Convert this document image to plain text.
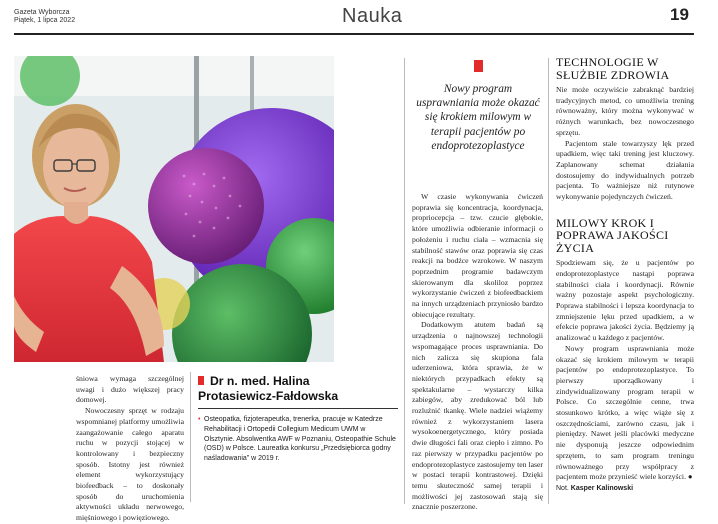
Gazeta Wyborcza
Piątek, 1 lipca 2022	Nauka	19

śniowa wymaga szczególnej uwagi i dużo większej pracy domowej.

Nowoczesny sprzęt w rodzaju wspomnianej platformy umożliwia zaangażowanie całego aparatu ruchu w pozycji stojącej w kontrolowany i bezpieczny sposób. Istotny jest również element wykorzystujący biofeedback – to doskonały sposób do uruchomienia aktywności układu nerwowego, mięśniowego i powięziowego.

Dr n. med. Halina
Protasiewicz-Fałdowska
• Osteopatka, fizjoterapeutka, trenerka, pracuje w Katedrze Rehabilitacji i Ortopedii Collegium Medicum UWM w Olsztynie. Absolwentka AWF w Poznaniu, Osteopathie Schule (OSD) w Polsce. Laureatka konkursu „Przedsiębiorca godny naśladowania” w 2019 r.
Nowy program usprawniania może okazać się krokiem milowym w terapii pacjentów po endoprotezoplastyce

W czasie wykonywania ćwiczeń poprawia się koncentracja, koordynacja, propriocepcja – tzw. czucie głębokie, które umożliwia odbieranie informacji o położeniu i ruchu ciała – wzmacnia się stabilność stawów oraz poprawia się czas reakcji na bodźce wzrokowe. W naszym poprzednim programie badawczym skierowanym dla skoliloz poprzez wykorzystanie ćwiczeń z biofeedbackiem na innych urządzeniach przyniosło bardzo obiecujące rezultaty.

Dodatkowym atutem badań są urządzenia o najnowszej technologii wspomagające proces usprawniania. Do nich zalicza się skupiona fala uderzeniowa, która sprawia, że w niektórych przypadkach efekty są spektakularne – wystarczy kilka zabiegów, aby zredukować ból lub rozluźnić tkankę. Wiele nadziei wiążemy również z wykorzystaniem lasera wysokoenergetycznego, który posiada dwie długości fali oraz ciepło i zimno. Po raz pierwszy w przypadku pacjentów po endoprotezoplastyce zastosujemy ten laser w postaci terapii kontrastowej. Dzięki temu skuteczność samej terapii i możliwości jej zastosowań stają się znacznie poszerzone.

TECHNOLOGIE W SŁUŻBIE ZDROWIA

Nie może oczywiście zabraknąć bardziej tradycyjnych metod, co umożliwia trening równoważny, który można wykonywać w różnych warunkach, bez nowoczesnego sprzętu.

Pacjentom stale towarzyszy lęk przed upadkiem, więc taki trening jest kluczowy. Zaplanowany schemat działania dostosujemy do indywidualnych potrzeb pacjenta. To ważniejsze niż rutynowe wykonywanie pojedynczych ćwiczeń.

MILOWY KROK I POPRAWA JAKOŚCI ŻYCIA

Spodziewam się, że u pacjentów po endoprotezoplastyce nastąpi poprawa stabilności ciała i koordynacji. Równie ważny pozostaje aspekt psychologiczny. Poprawa stabilności i lepsza koordynacja to zmniejszenie lęku przed upadkiem, a w efekcie poprawa jakości życia. Będziemy ją analizować u każdego z pacjentów.

Nowy program usprawniania może okazać się krokiem milowym w terapii pacjentów po endoprotezoplastyce. To pierwszy uporządkowany i zindywidualizowany program terapii w Polsce. Co szczególnie cenne, trwa stosunkowo krótko, a więc wiąże się z oszczędnościami, zarówno czasu, jak i pieniędzy. Nawet jeśli placówki medyczne nie dysponują jeszcze odpowiednim sprzętem, to sam program treningu równoważnego przy współpracy z pacjentem może przynieść wiele korzyści. ●

Not. Kasper Kalinowski
